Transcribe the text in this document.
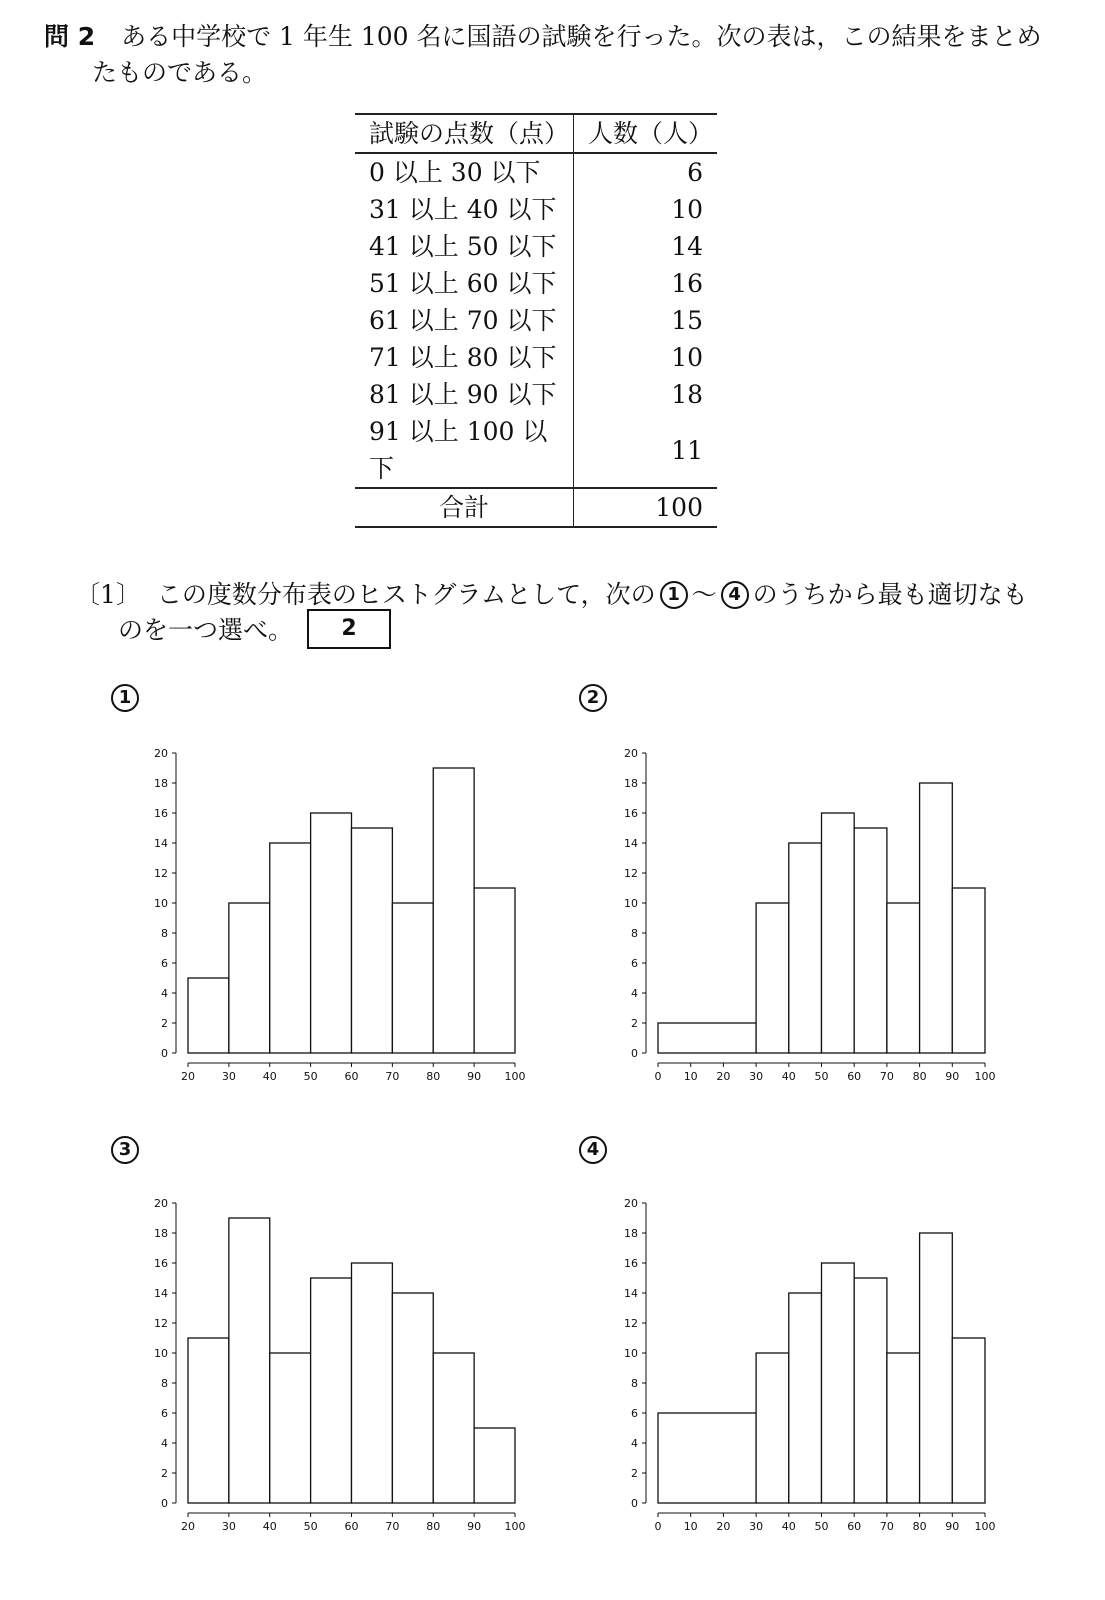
問 2 ある中学校で 1 年生 100 名に国語の試験を行った。次の表は，この結果をまとめ
たものである。
試験の点数（点）	人数（人）
0 以上 30 以下	6
31 以上 40 以下	10
41 以上 50 以下	14
51 以上 60 以下	16
61 以上 70 以下	15
71 以上 80 以下	10
81 以上 90 以下	18
91 以上 100 以下	11
合計	100
〔1〕 この度数分布表のヒストグラムとして，次の 1 ～ 4 のうちから最も適切なも
のを一つ選べ。 2
1	2
3	4
0
2
4
6
8
10
12
14
16
18
20
20 30 40 50 60 70 80 90 100
0
2
4
6
8
10
12
14
16
18
20
0 10 20 30 40 50 60 70 80 90 100
0
2
4
6
8
10
12
14
16
18
20
20 30 40 50 60 70 80 90 100
0
2
4
6
8
10
12
14
16
18
20
0 10 20 30 40 50 60 70 80 90 100
